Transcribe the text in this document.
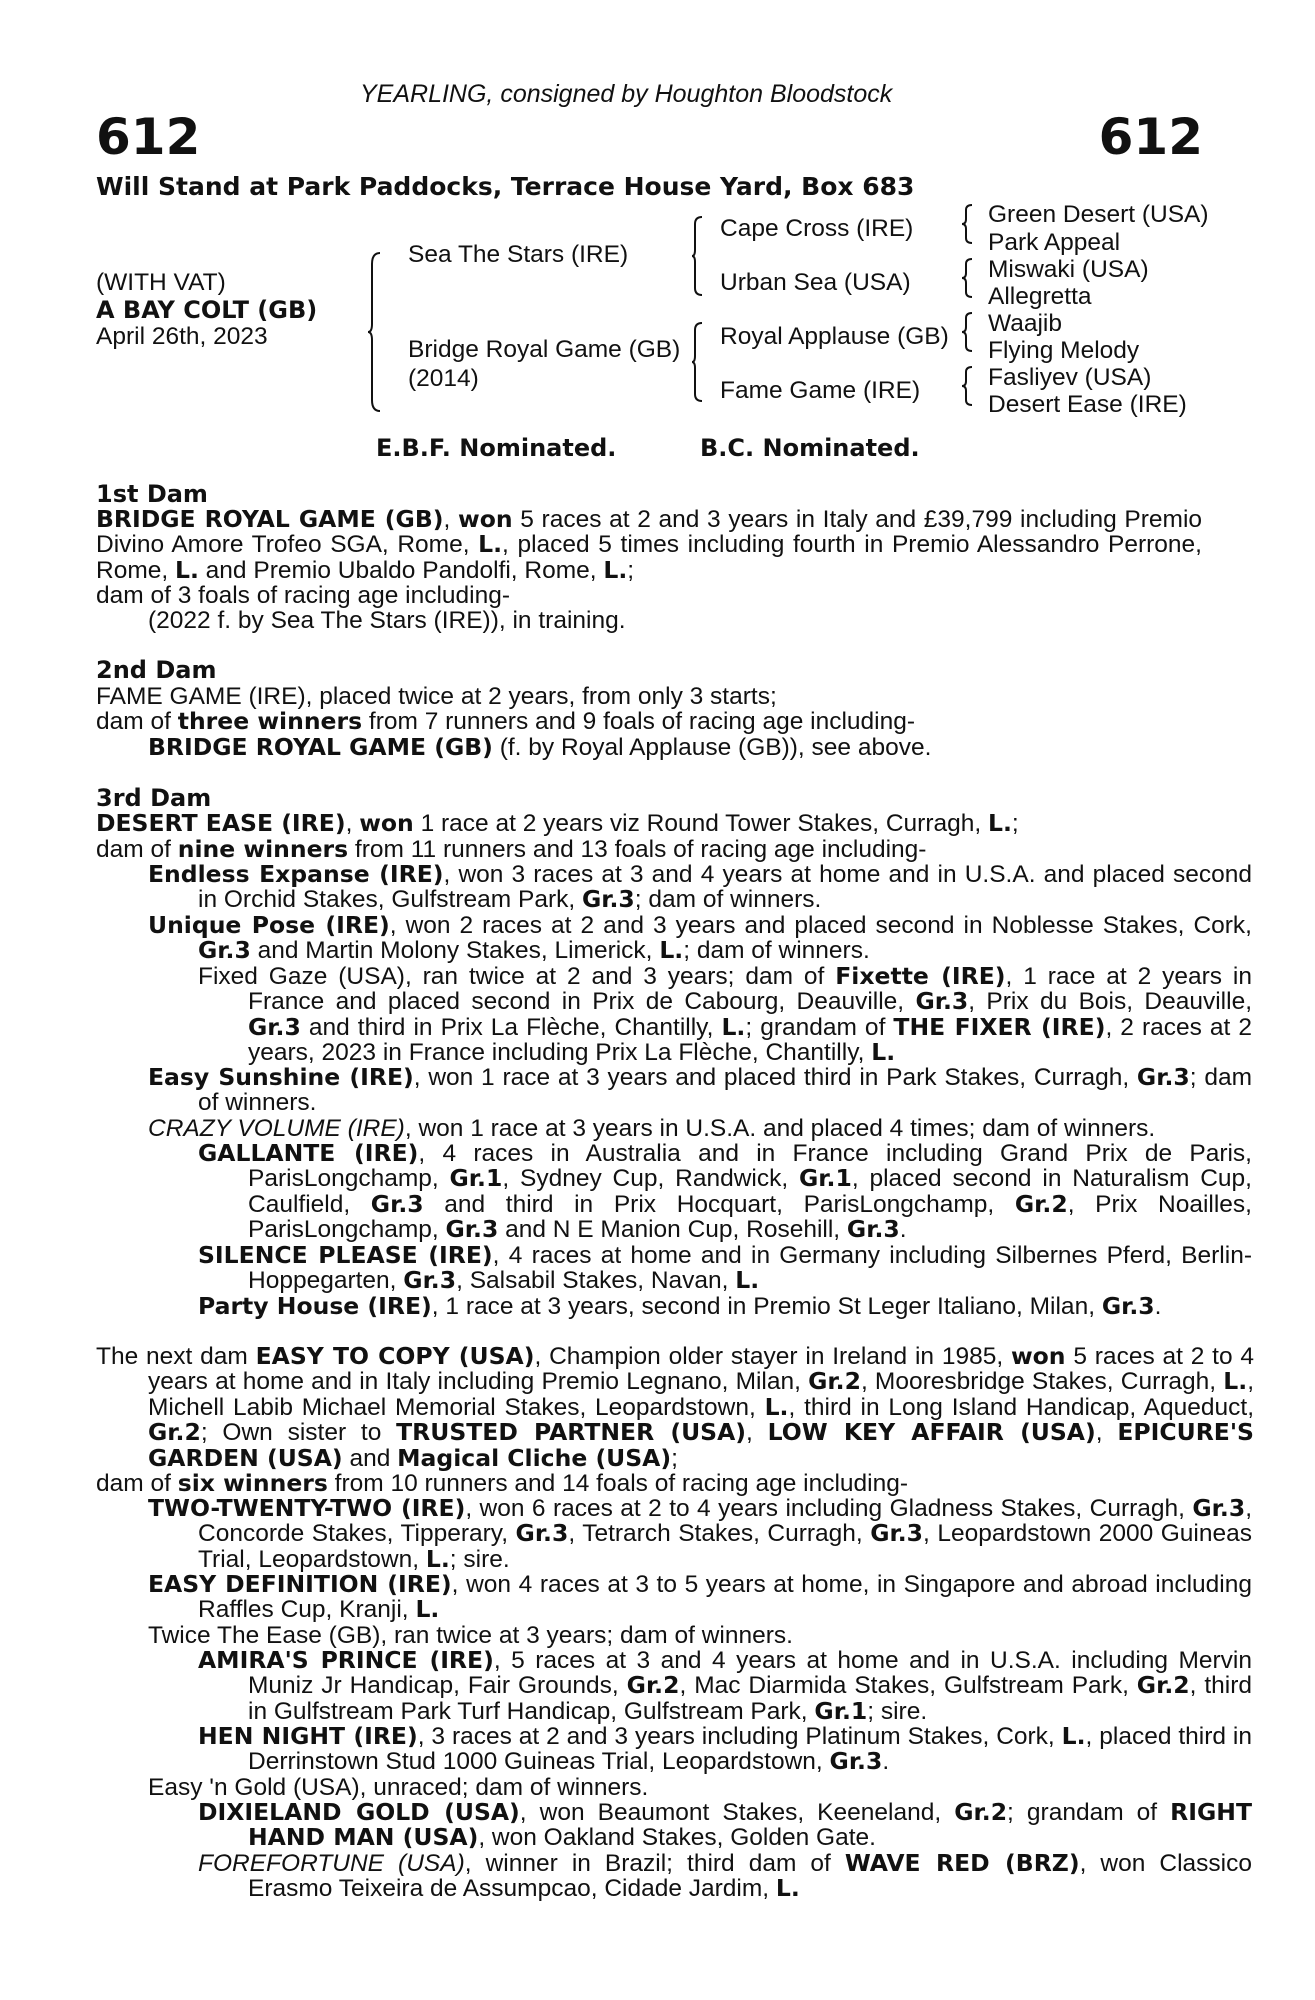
YEARLING, consigned by Houghton Bloodstock
612	612
Will Stand at Park Paddocks, Terrace House Yard, Box 683
(WITH VAT)
A BAY COLT (GB)
April 26th, 2023
Sea The Stars (IRE)
Bridge Royal Game (GB)
(2014)
Cape Cross (IRE)
Urban Sea (USA)
Royal Applause (GB)
Fame Game (IRE)
Green Desert (USA)
Park Appeal
Miswaki (USA)
Allegretta
Waajib
Flying Melody
Fasliyev (USA)
Desert Ease (IRE)
E.B.F. Nominated.	B.C. Nominated.
1st Dam
BRIDGE ROYAL GAME (GB), won 5 races at 2 and 3 years in Italy and £39,799 including Premio Divino Amore Trofeo SGA, Rome, L., placed 5 times including fourth in Premio Alessandro Perrone, Rome, L. and Premio Ubaldo Pandolfi, Rome, L.;
dam of 3 foals of racing age including-
(2022 f. by Sea The Stars (IRE)), in training.
2nd Dam
FAME GAME (IRE), placed twice at 2 years, from only 3 starts;
dam of three winners from 7 runners and 9 foals of racing age including-
BRIDGE ROYAL GAME (GB) (f. by Royal Applause (GB)), see above.
3rd Dam
DESERT EASE (IRE), won 1 race at 2 years viz Round Tower Stakes, Curragh, L.;
dam of nine winners from 11 runners and 13 foals of racing age including-
Endless Expanse (IRE), won 3 races at 3 and 4 years at home and in U.S.A. and placed second in Orchid Stakes, Gulfstream Park, Gr.3; dam of winners.
Unique Pose (IRE), won 2 races at 2 and 3 years and placed second in Noblesse Stakes, Cork, Gr.3 and Martin Molony Stakes, Limerick, L.; dam of winners.
Fixed Gaze (USA), ran twice at 2 and 3 years; dam of Fixette (IRE), 1 race at 2 years in France and placed second in Prix de Cabourg, Deauville, Gr.3, Prix du Bois, Deauville, Gr.3 and third in Prix La Flèche, Chantilly, L.; grandam of THE FIXER (IRE), 2 races at 2 years, 2023 in France including Prix La Flèche, Chantilly, L.
Easy Sunshine (IRE), won 1 race at 3 years and placed third in Park Stakes, Curragh, Gr.3; dam of winners.
CRAZY VOLUME (IRE), won 1 race at 3 years in U.S.A. and placed 4 times; dam of winners.
GALLANTE (IRE), 4 races in Australia and in France including Grand Prix de Paris, ParisLongchamp, Gr.1, Sydney Cup, Randwick, Gr.1, placed second in Naturalism Cup, Caulfield, Gr.3 and third in Prix Hocquart, ParisLongchamp, Gr.2, Prix Noailles, ParisLongchamp, Gr.3 and N E Manion Cup, Rosehill, Gr.3.
SILENCE PLEASE (IRE), 4 races at home and in Germany including Silbernes Pferd, Berlin-Hoppegarten, Gr.3, Salsabil Stakes, Navan, L.
Party House (IRE), 1 race at 3 years, second in Premio St Leger Italiano, Milan, Gr.3.
The next dam EASY TO COPY (USA), Champion older stayer in Ireland in 1985, won 5 races at 2 to 4 years at home and in Italy including Premio Legnano, Milan, Gr.2, Mooresbridge Stakes, Curragh, L., Michell Labib Michael Memorial Stakes, Leopardstown, L., third in Long Island Handicap, Aqueduct, Gr.2; Own sister to TRUSTED PARTNER (USA), LOW KEY AFFAIR (USA), EPICURE'S GARDEN (USA) and Magical Cliche (USA);
dam of six winners from 10 runners and 14 foals of racing age including-
TWO-TWENTY-TWO (IRE), won 6 races at 2 to 4 years including Gladness Stakes, Curragh, Gr.3, Concorde Stakes, Tipperary, Gr.3, Tetrarch Stakes, Curragh, Gr.3, Leopardstown 2000 Guineas Trial, Leopardstown, L.; sire.
EASY DEFINITION (IRE), won 4 races at 3 to 5 years at home, in Singapore and abroad including Raffles Cup, Kranji, L.
Twice The Ease (GB), ran twice at 3 years; dam of winners.
AMIRA'S PRINCE (IRE), 5 races at 3 and 4 years at home and in U.S.A. including Mervin Muniz Jr Handicap, Fair Grounds, Gr.2, Mac Diarmida Stakes, Gulfstream Park, Gr.2, third in Gulfstream Park Turf Handicap, Gulfstream Park, Gr.1; sire.
HEN NIGHT (IRE), 3 races at 2 and 3 years including Platinum Stakes, Cork, L., placed third in Derrinstown Stud 1000 Guineas Trial, Leopardstown, Gr.3.
Easy 'n Gold (USA), unraced; dam of winners.
DIXIELAND GOLD (USA), won Beaumont Stakes, Keeneland, Gr.2; grandam of RIGHT HAND MAN (USA), won Oakland Stakes, Golden Gate.
FOREFORTUNE (USA), winner in Brazil; third dam of WAVE RED (BRZ), won Classico Erasmo Teixeira de Assumpcao, Cidade Jardim, L.
